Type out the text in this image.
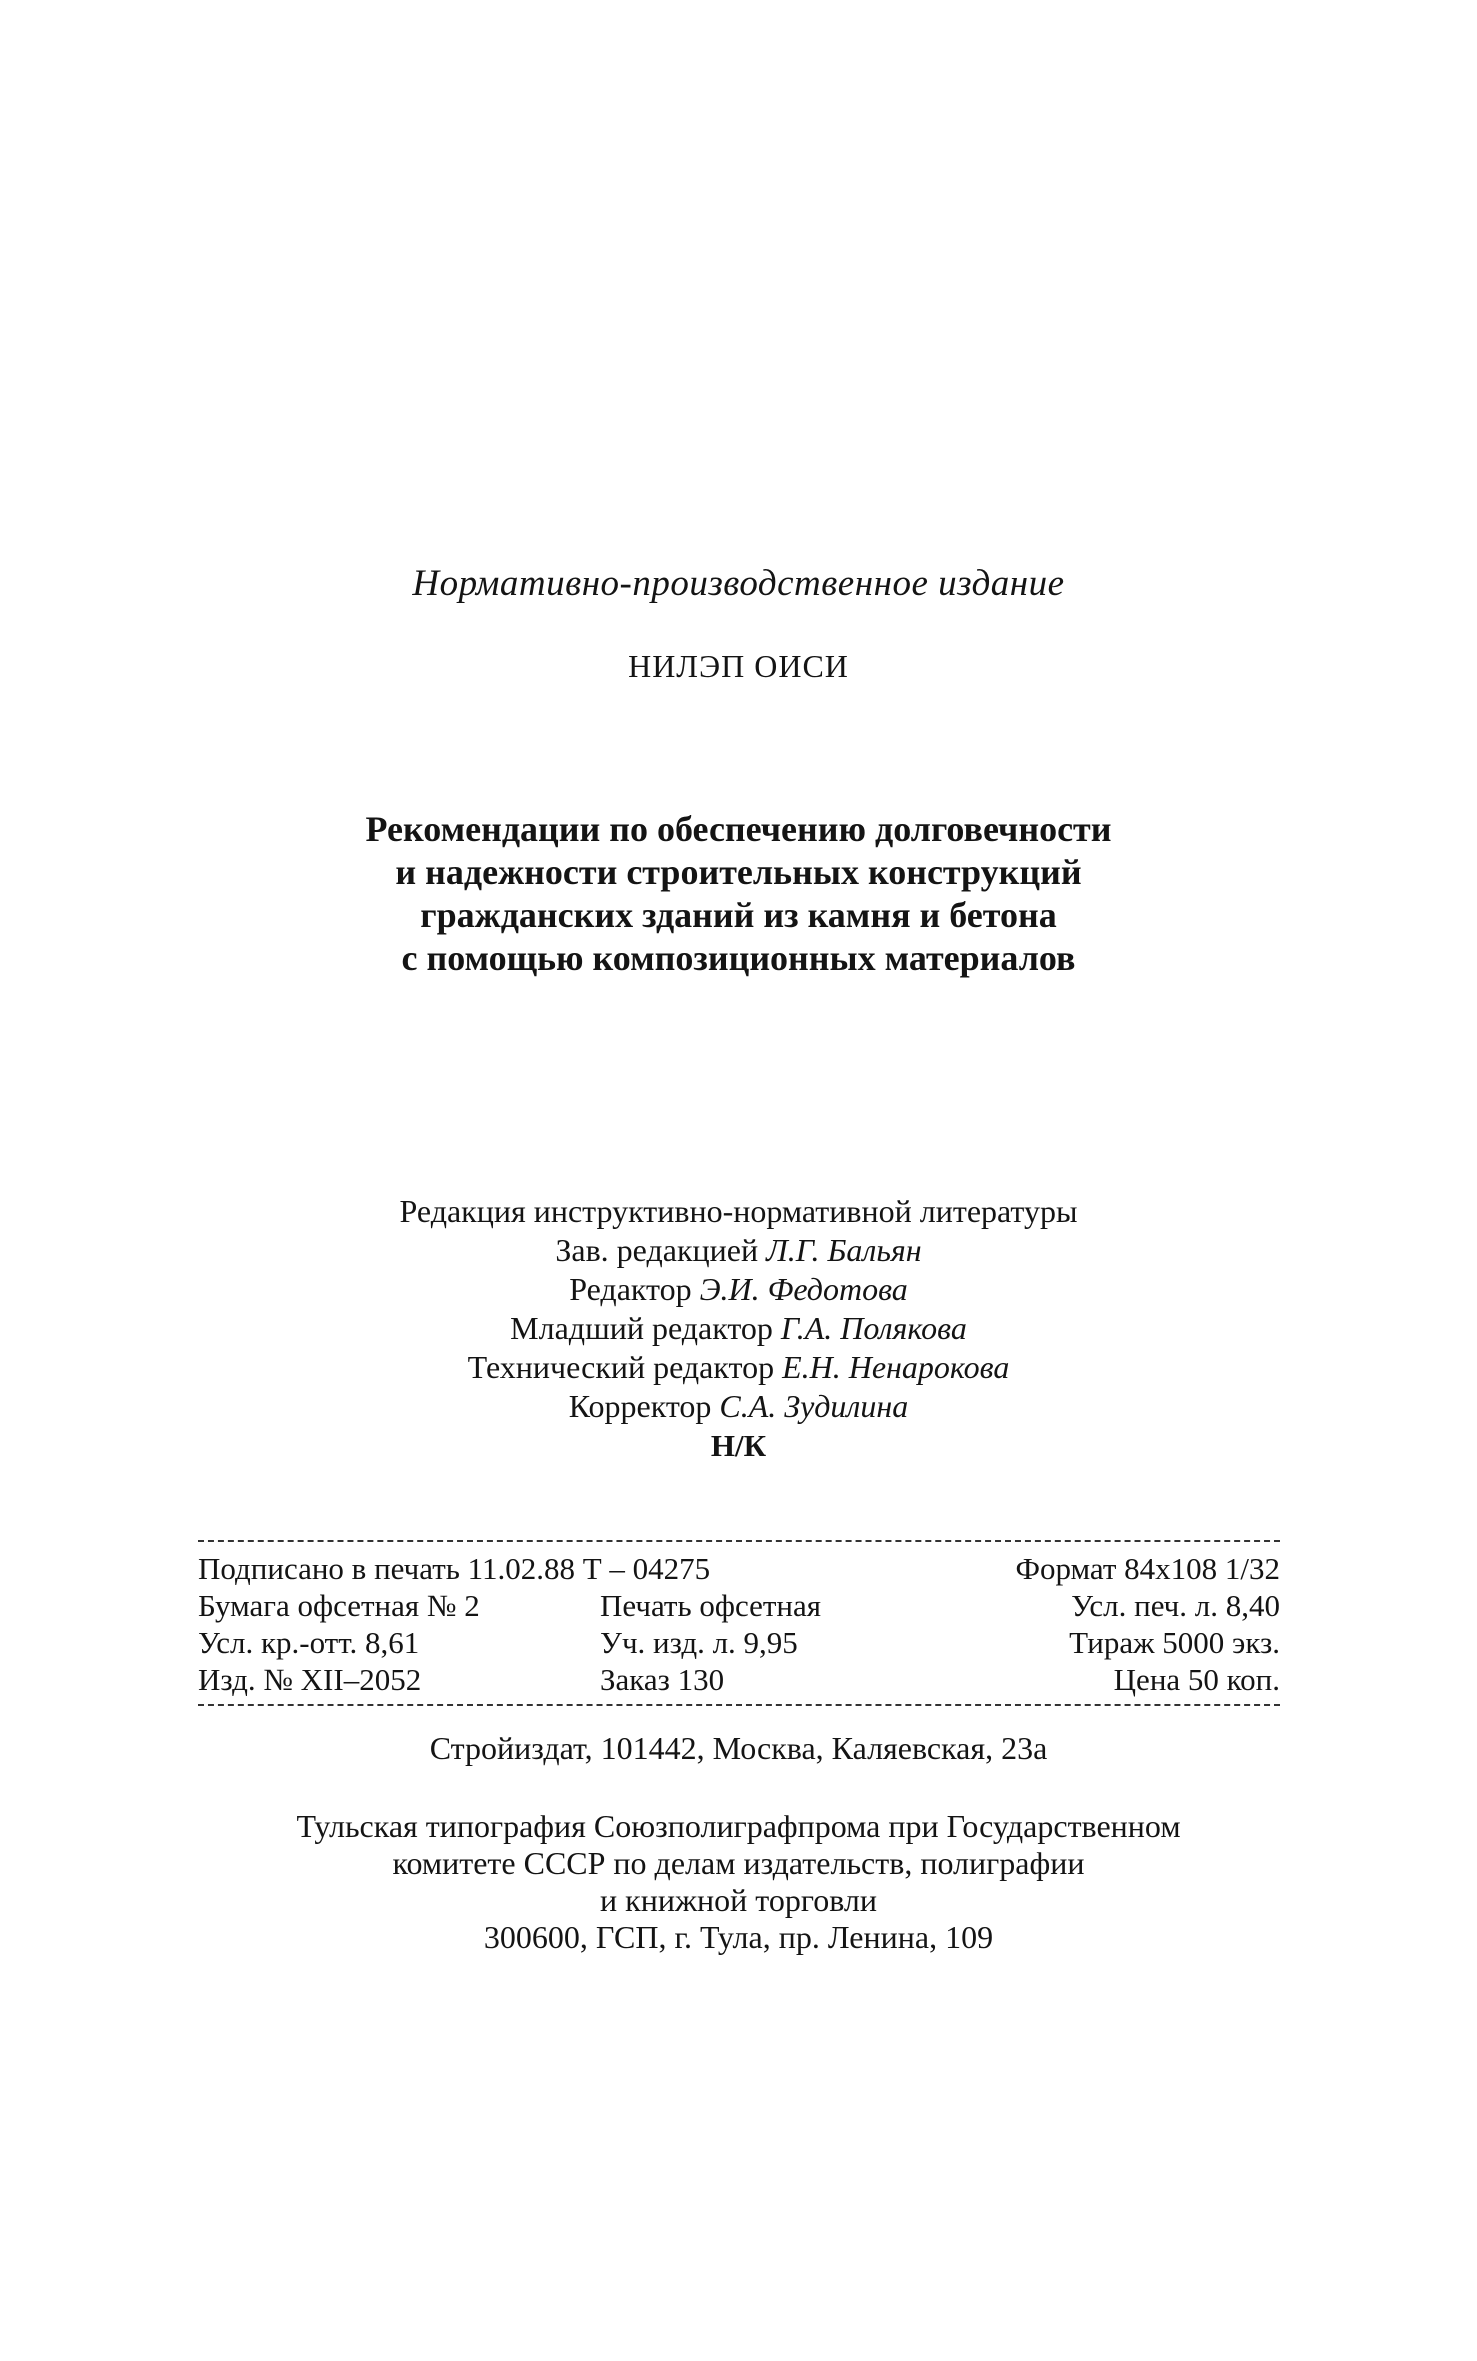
Нормативно-производственное издание
НИЛЭП ОИСИ
Рекомендации по обеспечению долговечности
и надежности строительных конструкций
гражданских зданий из камня и бетона
с помощью композиционных материалов
Редакция инструктивно-нормативной литературы
Зав. редакцией Л.Г. Бальян
Редактор Э.И. Федотова
Младший редактор Г.А. Полякова
Технический редактор Е.Н. Ненарокова
Корректор С.А. Зудилина
Н/К
Подписано в печать 11.02.88 Т – 04275	Формат 84x108 1/32
Бумага офсетная № 2	Печать офсетная	Усл. печ. л. 8,40
Усл. кр.-отт. 8,61	Уч. изд. л. 9,95	Тираж 5000 экз.
Изд. № XII–2052	Заказ 130	Цена 50 коп.
Стройиздат, 101442, Москва, Каляевская, 23а
Тульская типография Союзполиграфпрома при Государственном
комитете СССР по делам издательств, полиграфии
и книжной торговли
300600, ГСП, г. Тула, пр. Ленина, 109
